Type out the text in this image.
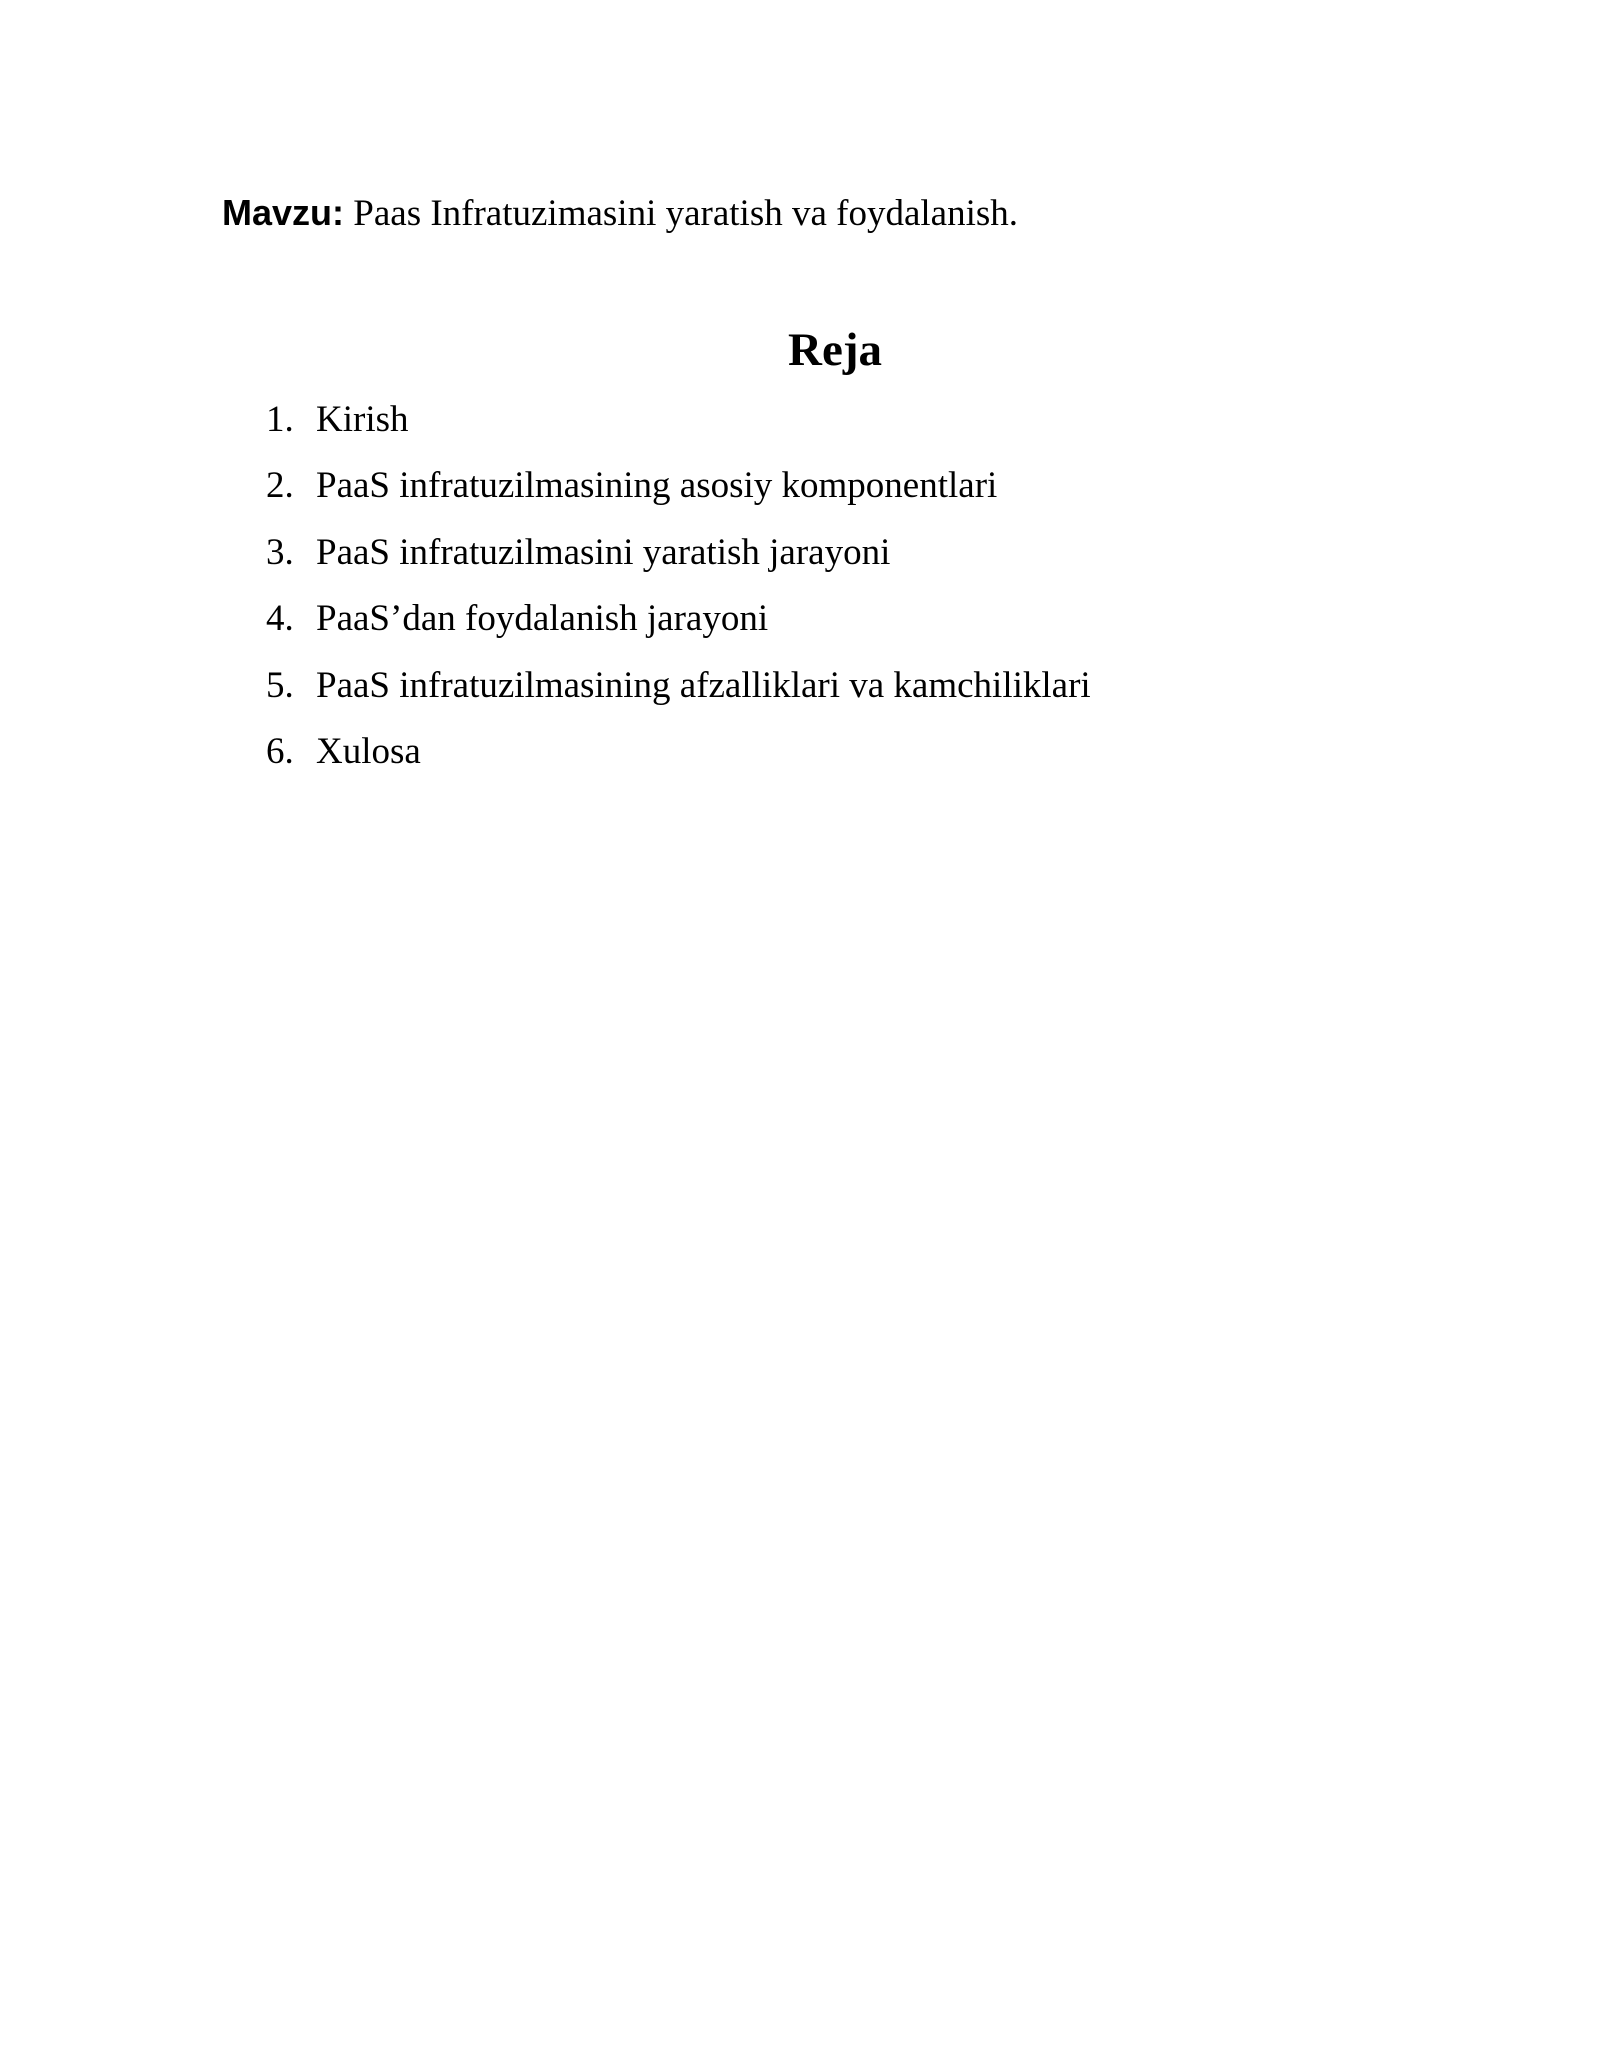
Mavzu: Paas Infratuzimasini yaratish va foydalanish.

Reja
1. Kirish
2. PaaS infratuzilmasining asosiy komponentlari
3. PaaS infratuzilmasini yaratish jarayoni
4. PaaS’dan foydalanish jarayoni
5. PaaS infratuzilmasining afzalliklari va kamchiliklari
6. Xulosa
